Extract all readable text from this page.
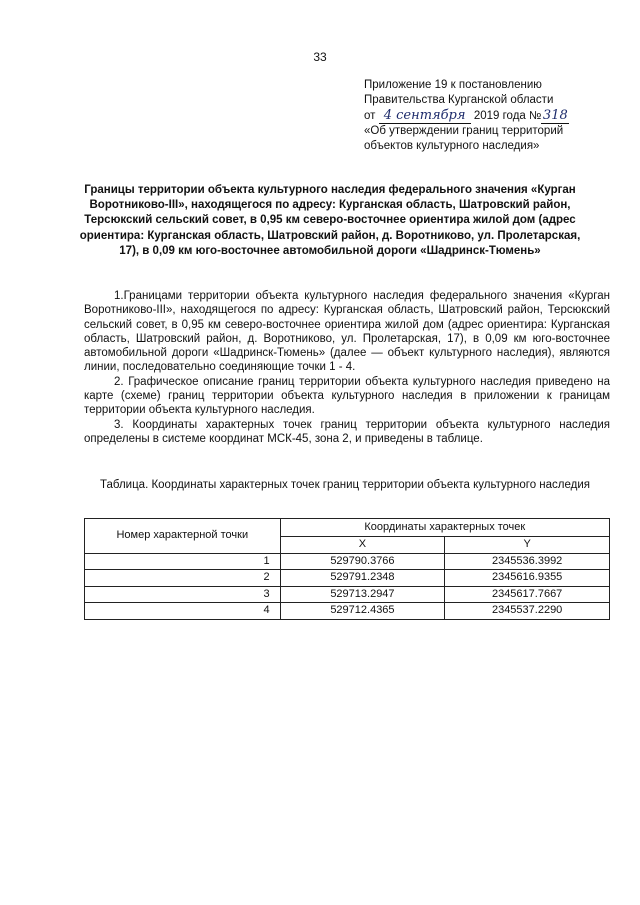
33
Приложение 19 к постановлению
Правительства Курганской области
от 4 сентября 2019 года № 318
«Об утверждении границ территорий
объектов культурного наследия»
Границы территории объекта культурного наследия федерального значения «Курган Воротниково-III», находящегося по адресу: Курганская область, Шатровский район, Терсюкский сельский совет, в 0,95 км северо-восточнее ориентира жилой дом (адрес ориентира: Курганская область, Шатровский район, д. Воротниково, ул. Пролетарская, 17), в 0,09 км юго-восточнее автомобильной дороги «Шадринск-Тюмень»

1.Границами территории объекта культурного наследия федерального значения «Курган Воротниково-III», находящегося по адресу: Курганская область, Шатровский район, Терсюкский сельский совет, в 0,95 км северо-восточнее ориентира жилой дом (адрес ориентира: Курганская область, Шатровский район, д. Воротниково, ул. Пролетарская, 17), в 0,09 км юго-восточнее автомобильной дороги «Шадринск-Тюмень» (далее — объект культурного наследия), являются линии, последовательно соединяющие точки 1 - 4.

2. Графическое описание границ территории объекта культурного наследия приведено на карте (схеме) границ территории объекта культурного наследия в приложении к границам территории объекта культурного наследия.

3. Координаты характерных точек границ территории объекта культурного наследия определены в системе координат МСК-45, зона 2, и приведены в таблице.

Таблица. Координаты характерных точек границ территории объекта культурного наследия
Номер характерной точки	Координаты характерных точек	
	X	Y
1	529790.3766	2345536.3992
2	529791.2348	2345616.9355
3	529713.2947	2345617.7667
4	529712.4365	2345537.2290
